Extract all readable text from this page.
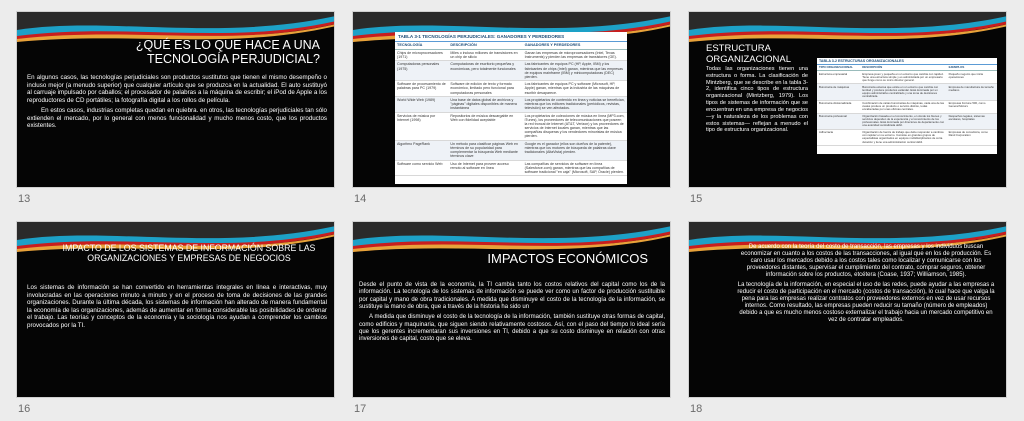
¿QUÉ ES LO QUE HACE A UNA TECNOLOGÍA PERJUDICIAL?

En algunos casos, las tecnologías perjudiciales son productos sustitutos que tienen el mismo desempeño o incluso mejor (a menudo superior) que cualquier artículo que se produzca en la actualidad. El auto sustituyó al carruaje impulsado por caballos; el procesador de palabras a la máquina de escribir; el iPod de Apple a los reproductores de CD portátiles; la fotografía digital a los rollos de película.

En estos casos, industrias completas quedan en quiebra. en otros, las tecnologías perjudiciales tan sólo extienden el mercado, por lo general con menos funcionalidad y mucho menos costo, que los productos existentes.

13
TABLA 3-1 TECNOLOGÍAS PERJUDICIALES: GANADORES Y PERDEDORES
TECNOLOGÍA	DESCRIPCIÓN	GANADORES Y PERDEDORES
Chips de microprocesadores (1971)	Miles o incluso millones de transistores en un chip de silicio	Ganan las empresas de microprocesadores (Intel, Texas Instruments) y pierden las empresas de transistores (GE).
Computadoras personales (1975)	Computadoras de escritorio pequeñas y económicas, pero totalmente funcionales	Las fabricantes de equipos PC (HP, Apple, IBM) y los fabricantes de chips (Intel) ganan, mientras que las empresas de equipos mainframe (IBM) y minicomputadoras (DEC) pierden.
Software de procesamiento de palabras para PC (1979)	Software de edición de texto y formato económico, limitado pero funcional para computadoras personales	Los fabricantes de equipos PC y software (Microsoft, HP, Apple) ganan, mientras que la industria de las máquinas de escribir desaparece.
World Wide Web (1989)	Una base de datos global de archivos y "páginas" digitales disponibles de manera instantánea	Los propietarios de contenido en línea y noticias se benefician, mientras que los editores tradicionales (periódicos, revistas, televisión) se ven afectados.
Servicios de música por Internet (1998)	Repositorios de música descargable en Web con fidelidad aceptable	Los propietarios de colecciones de música en línea (MP3.com, iTunes), los proveedores de telecomunicaciones que poseen la red troncal de Internet (AT&T, Verizon) y los proveedores de servicios de Internet locales ganan, mientras que las compañías disqueras y los vendedores minoristas de música pierden.
Algoritmo PageRank	Un método para clasificar páginas Web en términos de su popularidad para complementar la búsqueda Web mediante términos clave	Google es el ganador (ellos son dueños de la patente), mientras que los motores de búsqueda de palabras clave tradicionales (AltaVista) pierden.
Software como servicio Web	Uso de Internet para proveer acceso remoto al software en línea	Las compañías de servicios de software en línea (Salesforce.com) ganan, mientras que las compañías de software tradicional "en caja" (Microsoft, SAP, Oracle) pierden.
14
ESTRUCTURA ORGANIZACIONAL

Todas las organizaciones tienen una estructura o forma. La clasificación de Mintzberg, que se describe en la tabla 3-2, identifica cinco tipos de estructura organizacional (Mintzberg, 1979). Los tipos de sistemas de información que se encuentran en una empresa de negocios —y la naturaleza de los problemas con estos sistemas— reflejan a menudo el tipo de estructura organizacional.

TABLA 3-2 ESTRUCTURAS ORGANIZACIONALES
TIPO ORGANIZACIONAL	DESCRIPCIÓN	EJEMPLOS
Estructura empresarial	Empresa joven y pequeña en un entorno que cambia con rapidez. Tiene una estructura simple y es administrada por un empresario que funge como su único director general.	Pequeño negocio que inicia operaciones
Burocracia de máquinas	Burocracia extensa que existe en un entorno que cambia con lentitud y produce productos estándar. Está dominada por un equipo administrativo centralizado y una toma de decisiones centralizada.	Empresa de manufactura de tamaño mediano
Burocracia divisionalizada	Combinación de varias burocracias de máquinas, cada una de las cuales produce un producto o servicio distinto, todas encabezadas por unas oficinas centrales.	Empresas Fortune 500, como General Motors
Burocracia profesional	Organización basada en el conocimiento, en donde los bienes y servicios dependen de la experiencia y el conocimiento de los profesionales. Está dominada por directores de departamento con una autoridad centralizada débil.	Despachos legales, sistemas escolares, hospitales
Adhocracia	Organización de fuerza de trabajo que debe responder a cambios con rapidez en su entorno. Consiste en grandes grupos de especialistas organizados en equipos multidisciplinarios de corta duración y tiene una administración central débil.	Empresas de consultoría, como Rand Corporation
15
IMPACTO DE LOS SISTEMAS DE INFORMACIÓN SOBRE LAS ORGANIZACIONES Y EMPRESAS DE NEGOCIOS

Los sistemas de información se han convertido en herramientas integrales en línea e interactivas, muy involucradas en las operaciones minuto a minuto y en el proceso de toma de decisiones de las grandes organizaciones. Durante la última década, los sistemas de información han alterado de manera fundamental la economía de las organizaciones, además de aumentar en forma considerable las posibilidades de ordenar el trabajo. Las teorías y conceptos de la economía y la sociología nos ayudan a comprender los cambios provocados por la TI.

16
IMPACTOS ECONÓMICOS

Desde el punto de vista de la economía, la TI cambia tanto los costos relativos del capital como los de la información. La tecnología de los sistemas de información se puede ver como un factor de producción sustituible por capital y mano de obra tradicionales. A medida que disminuye el costo de la tecnología de la información, se sustituye la mano de obra, que a través de la historia ha sido un

A medida que disminuye el costo de la tecnología de la información, también sustituye otras formas de capital, como edificios y maquinaria, que siguen siendo relativamente costosos. Así, con el paso del tiempo lo ideal sería que los gerentes incrementaran sus inversiones en TI, debido a que su costo disminuye en relación con otras inversiones de capital, costo que se eleva.

17

De acuerdo con la teoría del costo de transacción, las empresas y los individuos buscan economizar en cuanto a los costos de las transacciones, al igual que en los de producción. Es caro usar los mercados debido a los costos tales como localizar y comunicarse con los proveedores distantes, supervisar el cumplimiento del contrato, comprar seguros, obtener información sobre los productos, etcétera (Coase, 1937; Williamson, 1985).

La tecnología de la información, en especial el uso de las redes, puede ayudar a las empresas a reducir el costo de participación en el mercado (costos de transacción), lo cual hace que valga la pena para las empresas realizar contratos con proveedores externos en vez de usar recursos internos. Como resultado, las empresas pueden reducir su tamaño (número de empleados) debido a que es mucho menos costoso externalizar el trabajo hacia un mercado competitivo en vez de contratar empleados.

18
